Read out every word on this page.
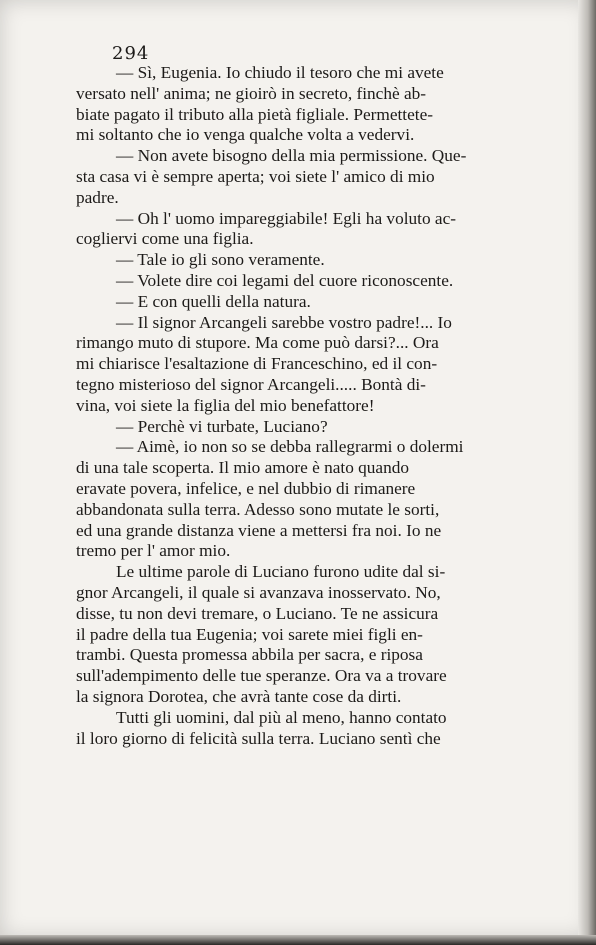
294
— Sì, Eugenia. Io chiudo il tesoro che mi avete
versato nell' anima; ne gioirò in secreto, finchè ab-
biate pagato il tributo alla pietà figliale. Permettete-
mi soltanto che io venga qualche volta a vedervi.
— Non avete bisogno della mia permissione. Que-
sta casa vi è sempre aperta; voi siete l' amico di mio
padre.
— Oh l' uomo impareggiabile! Egli ha voluto ac-
cogliervi come una figlia.
— Tale io gli sono veramente.
— Volete dire coi legami del cuore riconoscente.
— E con quelli della natura.
— Il signor Arcangeli sarebbe vostro padre!... Io
rimango muto di stupore. Ma come può darsi?... Ora
mi chiarisce l'esaltazione di Franceschino, ed il con-
tegno misterioso del signor Arcangeli..... Bontà di-
vina, voi siete la figlia del mio benefattore!
— Perchè vi turbate, Luciano?
— Aimè, io non so se debba rallegrarmi o dolermi
di una tale scoperta. Il mio amore è nato quando
eravate povera, infelice, e nel dubbio di rimanere
abbandonata sulla terra. Adesso sono mutate le sorti,
ed una grande distanza viene a mettersi fra noi. Io ne
tremo per l' amor mio.
Le ultime parole di Luciano furono udite dal si-
gnor Arcangeli, il quale si avanzava inosservato. No,
disse, tu non devi tremare, o Luciano. Te ne assicura
il padre della tua Eugenia; voi sarete miei figli en-
trambi. Questa promessa abbila per sacra, e riposa
sull'adempimento delle tue speranze. Ora va a trovare
la signora Dorotea, che avrà tante cose da dirti.
Tutti gli uomini, dal più al meno, hanno contato
il loro giorno di felicità sulla terra. Luciano sentì che
